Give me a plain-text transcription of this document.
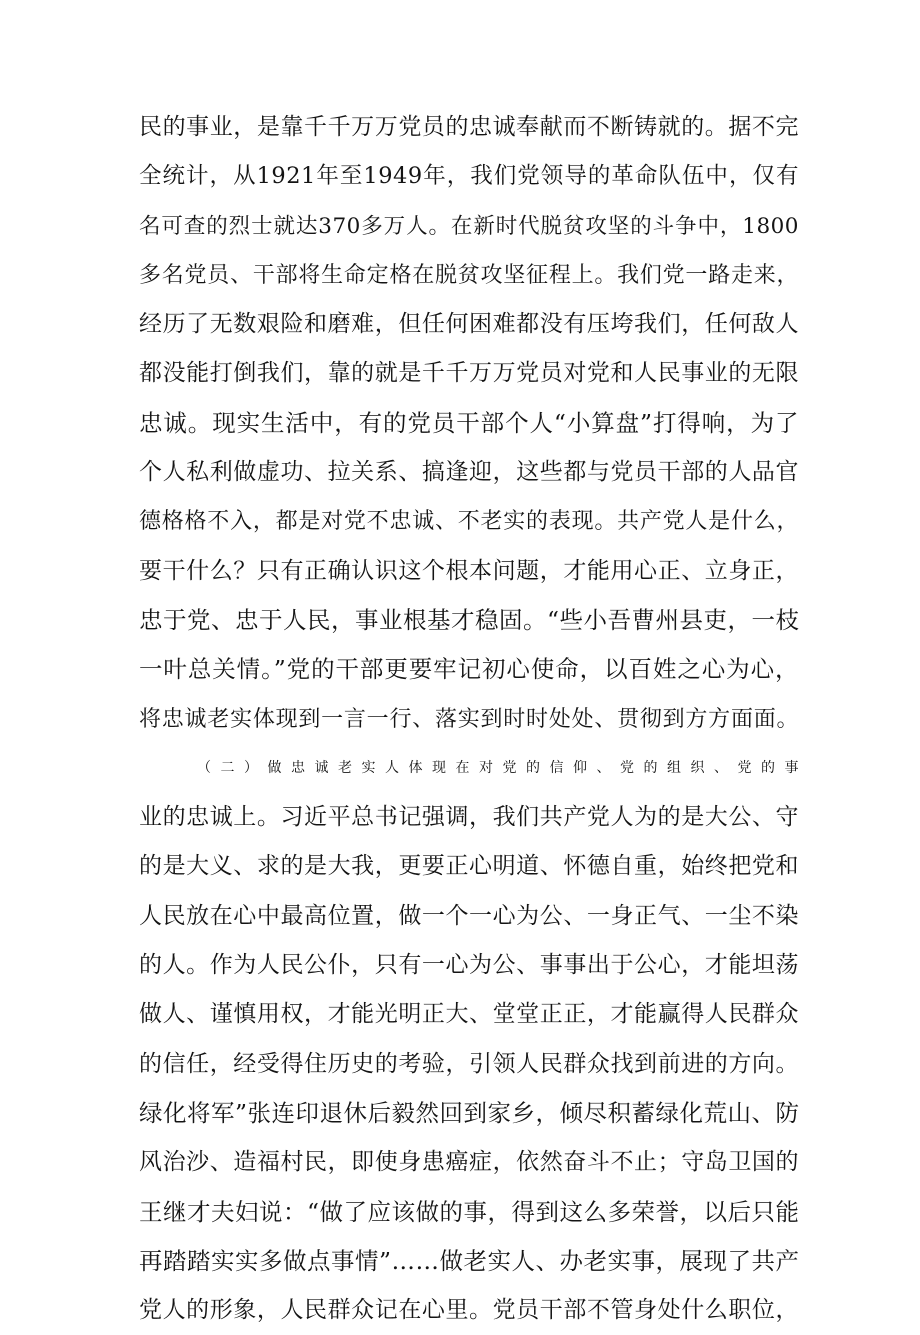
民的事业，是靠千千万万党员的忠诚奉献而不断铸就的。据不完
全统计，从1921年至1949年，我们党领导的革命队伍中，仅有
名可查的烈士就达370多万人。在新时代脱贫攻坚的斗争中，1800
多名党员、干部将生命定格在脱贫攻坚征程上。我们党一路走来，
经历了无数艰险和磨难，但任何困难都没有压垮我们，任何敌人
都没能打倒我们，靠的就是千千万万党员对党和人民事业的无限
忠诚。现实生活中，有的党员干部个人“小算盘”打得响，为了
个人私利做虚功、拉关系、搞逢迎，这些都与党员干部的人品官
德格格不入，都是对党不忠诚、不老实的表现。共产党人是什么，
要干什么？只有正确认识这个根本问题，才能用心正、立身正，
忠于党、忠于人民，事业根基才稳固。“些小吾曹州县吏，一枝
一叶总关情。”党的干部更要牢记初心使命，以百姓之心为心，
将忠诚老实体现到一言一行、落实到时时处处、贯彻到方方面面。
（二）做忠诚老实人体现在对党的信仰、党的组织、党的事
业的忠诚上。习近平总书记强调，我们共产党人为的是大公、守
的是大义、求的是大我，更要正心明道、怀德自重，始终把党和
人民放在心中最高位置，做一个一心为公、一身正气、一尘不染
的人。作为人民公仆，只有一心为公、事事出于公心，才能坦荡
做人、谨慎用权，才能光明正大、堂堂正正，才能赢得人民群众
的信任，经受得住历史的考验，引领人民群众找到前进的方向。
绿化将军”张连印退休后毅然回到家乡，倾尽积蓄绿化荒山、防
风治沙、造福村民，即使身患癌症，依然奋斗不止；守岛卫国的
王继才夫妇说：“做了应该做的事，得到这么多荣誉，以后只能
再踏踏实实多做点事情”……做老实人、办老实事，展现了共产
党人的形象，人民群众记在心里。党员干部不管身处什么职位，
